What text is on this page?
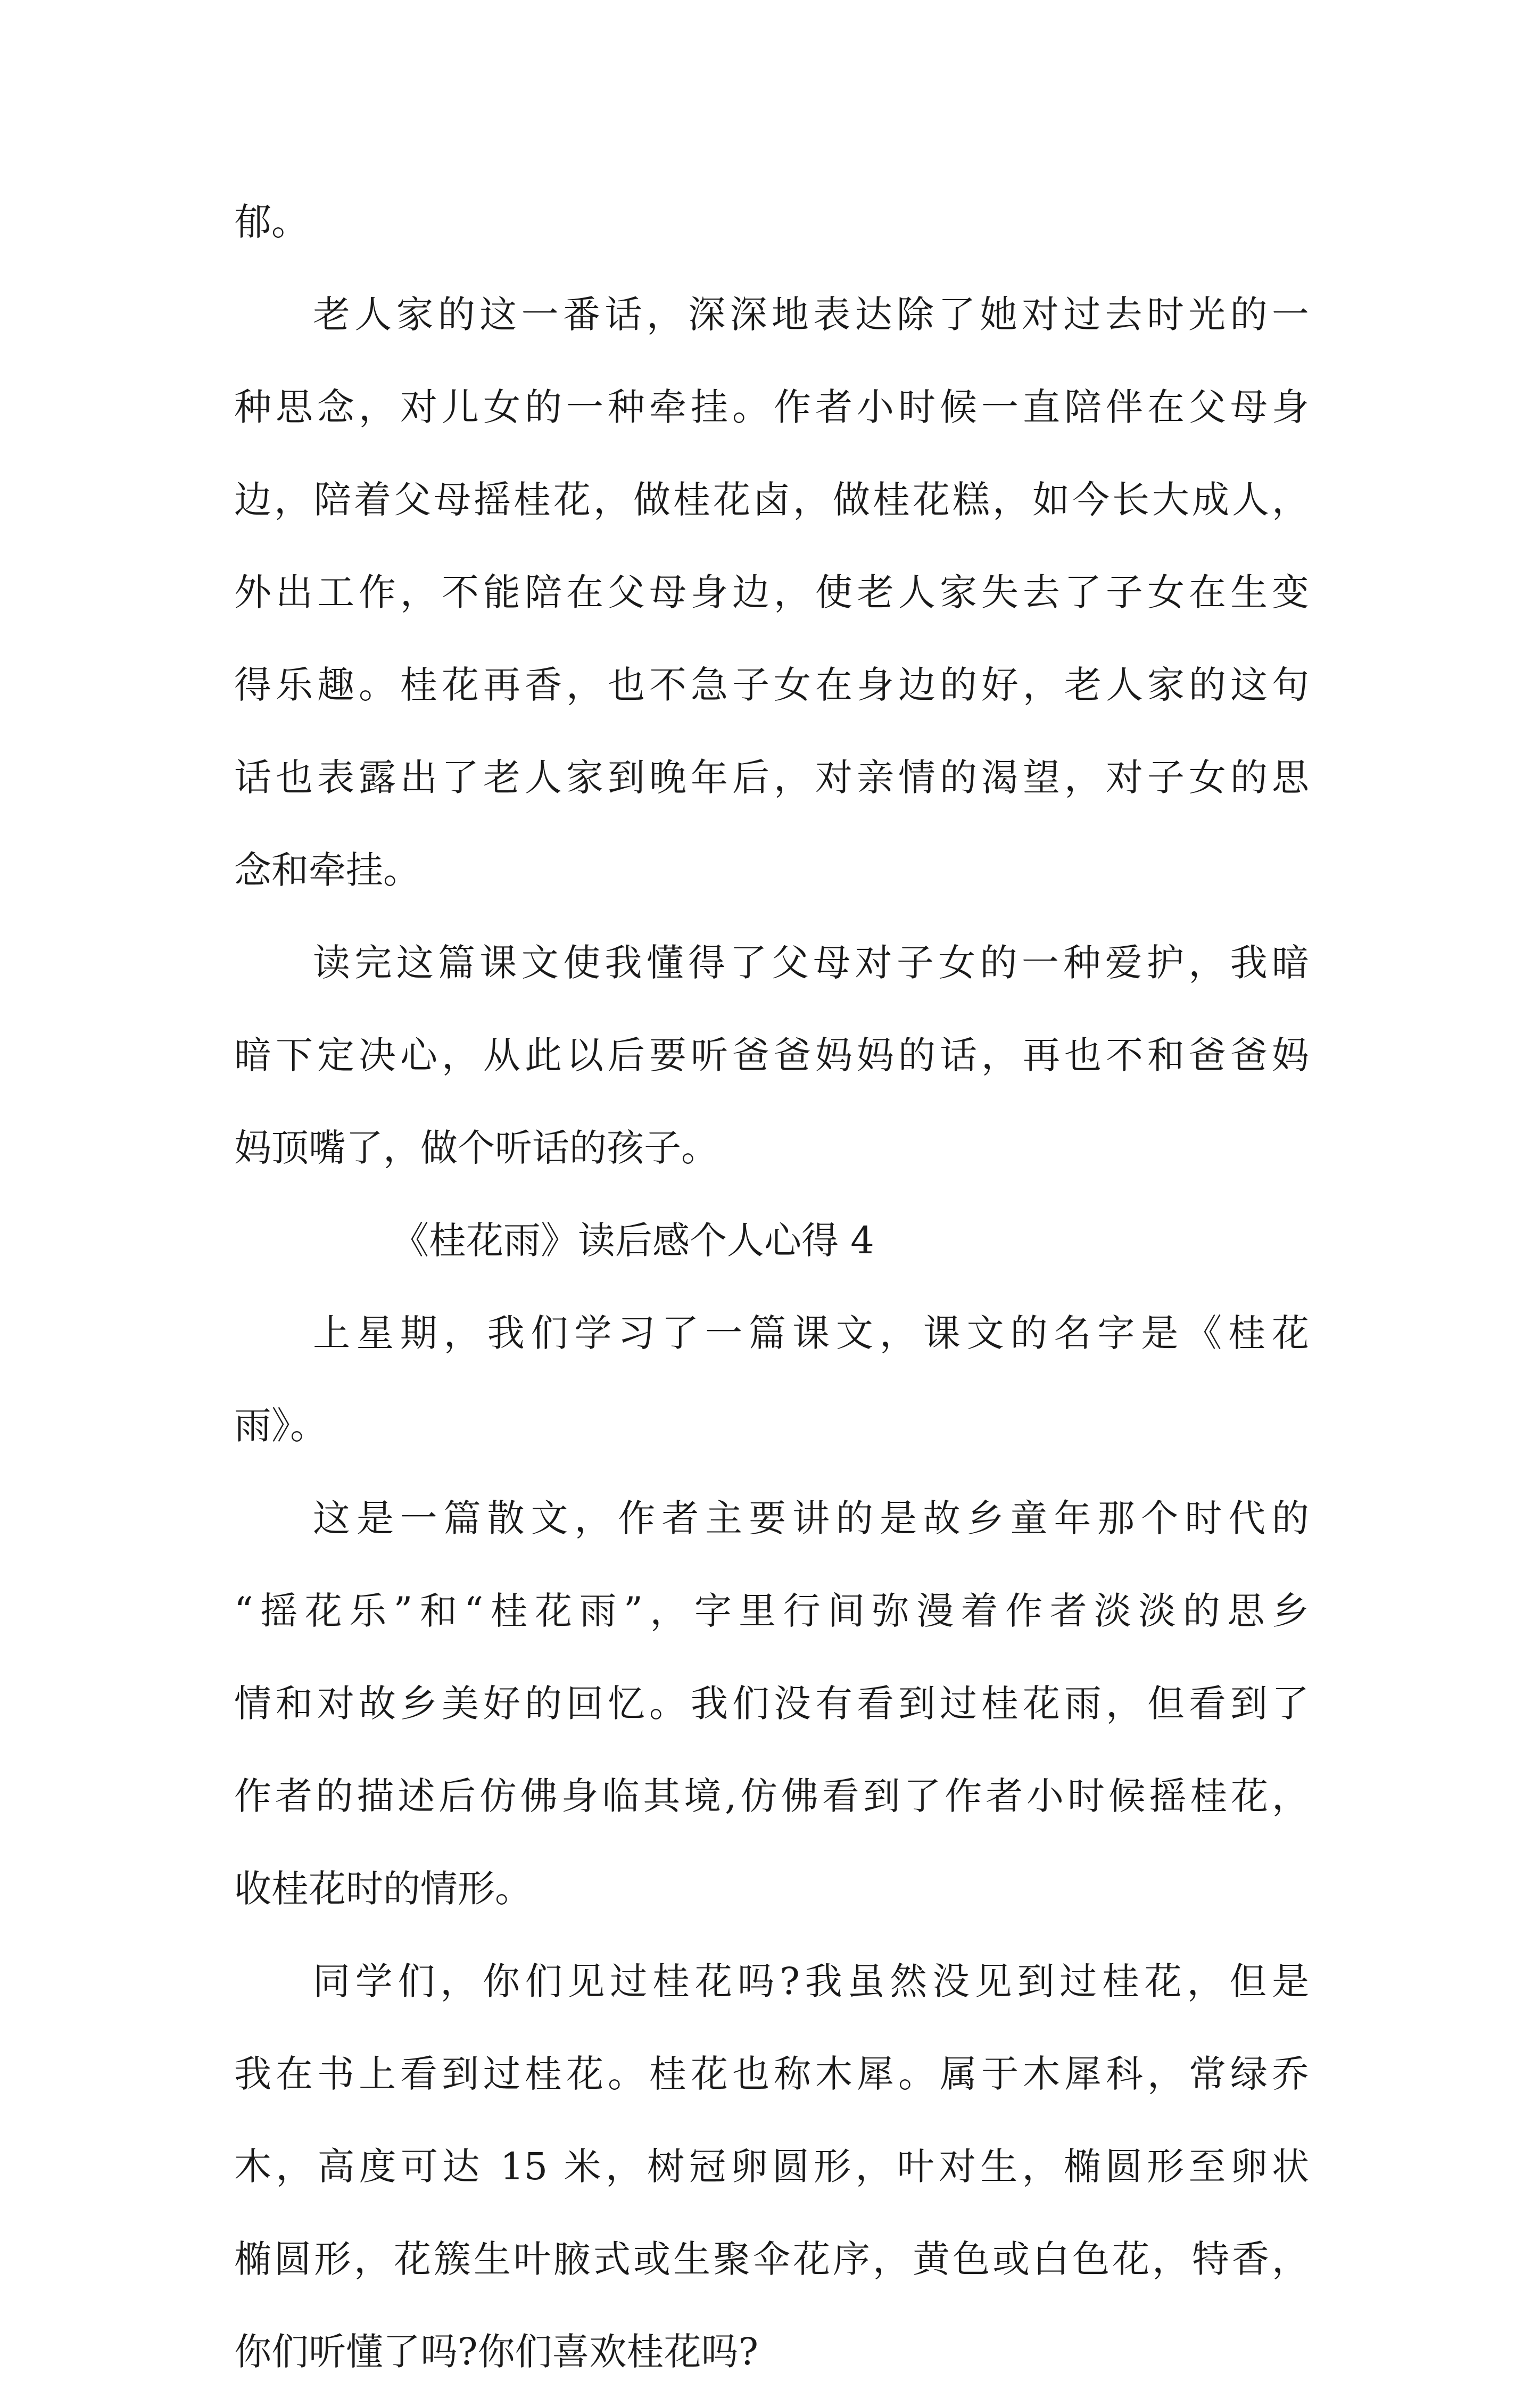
郁。

老人家的这一番话，深深地表达除了她对过去时光的一

种思念，对儿女的一种牵挂。作者小时候一直陪伴在父母身

边，陪着父母摇桂花，做桂花卤，做桂花糕，如今长大成人，

外出工作，不能陪在父母身边，使老人家失去了子女在生变

得乐趣。桂花再香，也不急子女在身边的好，老人家的这句

话也表露出了老人家到晚年后，对亲情的渴望，对子女的思

念和牵挂。

读完这篇课文使我懂得了父母对子女的一种爱护，我暗

暗下定决心，从此以后要听爸爸妈妈的话，再也不和爸爸妈

妈顶嘴了，做个听话的孩子。

《桂花雨》读后感个人心得 4

上星期，我们学习了一篇课文，课文的名字是《桂花

雨》。

这是一篇散文，作者主要讲的是故乡童年那个时代的

“摇花乐”和“桂花雨”，字里行间弥漫着作者淡淡的思乡

情和对故乡美好的回忆。我们没有看到过桂花雨，但看到了

作者的描述后仿佛身临其境,仿佛看到了作者小时候摇桂花，

收桂花时的情形。

同学们，你们见过桂花吗?我虽然没见到过桂花，但是

我在书上看到过桂花。桂花也称木犀。属于木犀科，常绿乔

木，高度可达 15 米，树冠卵圆形，叶对生，椭圆形至卵状

椭圆形，花簇生叶腋式或生聚伞花序，黄色或白色花，特香，

你们听懂了吗?你们喜欢桂花吗?
